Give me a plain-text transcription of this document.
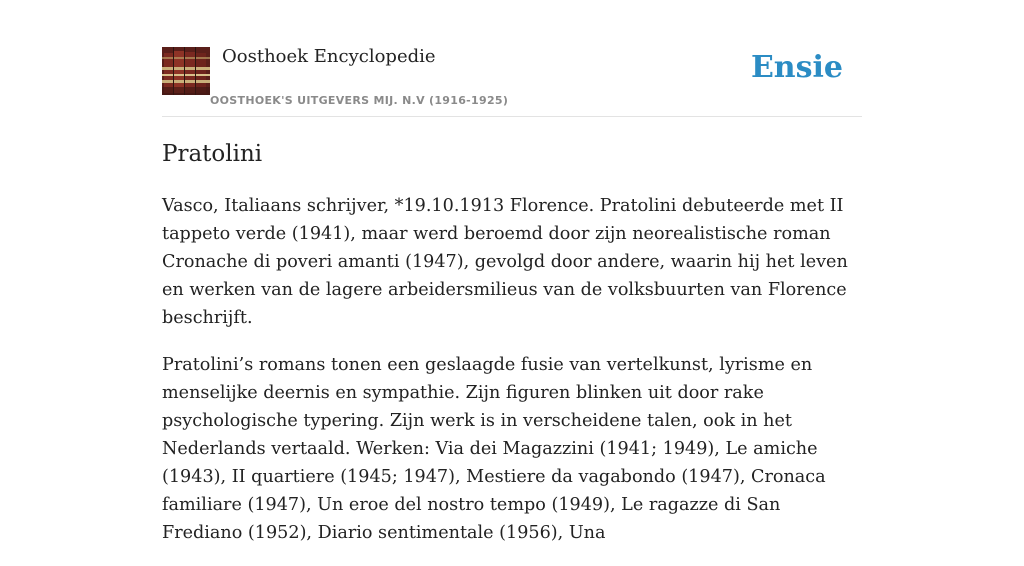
Oosthoek Encyclopedie
OOSTHOEK'S UITGEVERS MIJ. N.V (1916-1925)
Ensie
Pratolini

Vasco, Italiaans schrijver, *19.10.1913 Florence. Pratolini debuteerde met II tappeto verde (1941), maar werd beroemd door zijn neorealistische roman Cronache di poveri amanti (1947), gevolgd door andere, waarin hij het leven en werken van de lagere arbeidersmilieus van de volksbuurten van Florence beschrijft.

Pratolini’s romans tonen een geslaagde fusie van vertelkunst, lyrisme en menselijke deernis en sympathie. Zijn figuren blinken uit door rake psychologische typering. Zijn werk is in verscheidene talen, ook in het Nederlands vertaald. Werken: Via dei Magazzini (1941; 1949), Le amiche (1943), II quartiere (1945; 1947), Mestiere da vagabondo (1947), Cronaca familiare (1947), Un eroe del nostro tempo (1949), Le ragazze di San Frediano (1952), Diario sentimentale (1956), Una
